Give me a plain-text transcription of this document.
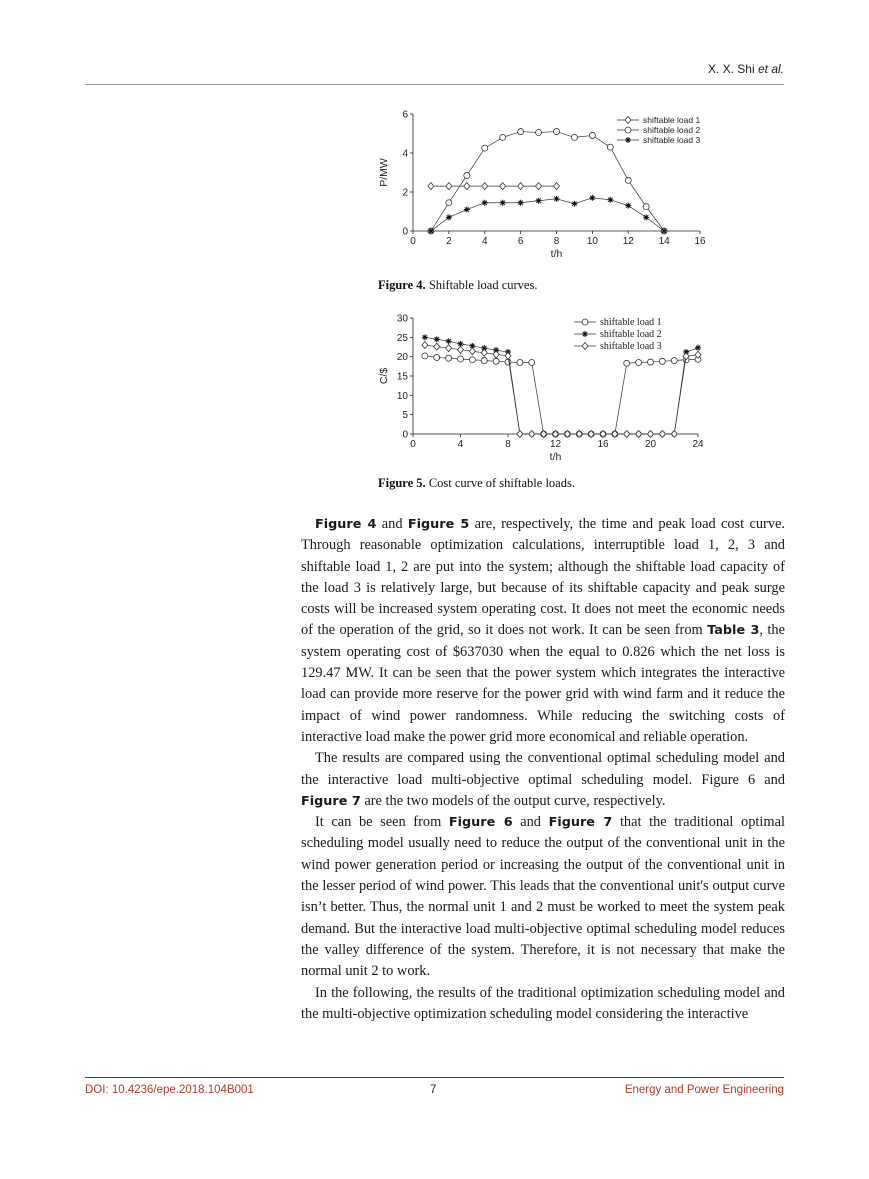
X. X. Shi et al.
0	2	4	6	8	10 12 14 16
0
2
4
6
t/h
P/MW
shiftable load 1
shiftable load 2
shiftable load 3
Figure 4. Shiftable load curves.
0	4	8	12	16	20	24
0
5
10
15
20
25
30
t/h
C/$
shiftable load 1
shiftable load 2
shiftable load 3
Figure 5. Cost curve of shiftable loads.

Figure 4 and Figure 5 are, respectively, the time and peak load cost curve. Through reasonable optimization calculations, interruptible load 1, 2, 3 and shiftable load 1, 2 are put into the system; although the shiftable load capacity of the load 3 is relatively large, but because of its shiftable capacity and peak surge costs will be increased system operating cost. It does not meet the economic needs of the operation of the grid, so it does not work. It can be seen from Table 3, the system operating cost of $637030 when the equal to 0.826 which the net loss is 129.47 MW. It can be seen that the power system which integrates the interactive load can provide more reserve for the power grid with wind farm and it reduce the impact of wind power randomness. While reducing the switching costs of interactive load make the power grid more economical and reliable operation.

The results are compared using the conventional optimal scheduling model and the interactive load multi-objective optimal scheduling model. Figure 6 and Figure 7 are the two models of the output curve, respectively.

It can be seen from Figure 6 and Figure 7 that the traditional optimal scheduling model usually need to reduce the output of the conventional unit in the wind power generation period or increasing the output of the conventional unit in the lesser period of wind power. This leads that the conventional unit's output curve isn’t better. Thus, the normal unit 1 and 2 must be worked to meet the system peak demand. But the interactive load multi-objective optimal scheduling model reduces the valley difference of the system. Therefore, it is not necessary that make the normal unit 2 to work.

In the following, the results of the traditional optimization scheduling model and the multi-objective optimization scheduling model considering the interactive

DOI: 10.4236/epe.2018.104B001	7	Energy and Power Engineering
